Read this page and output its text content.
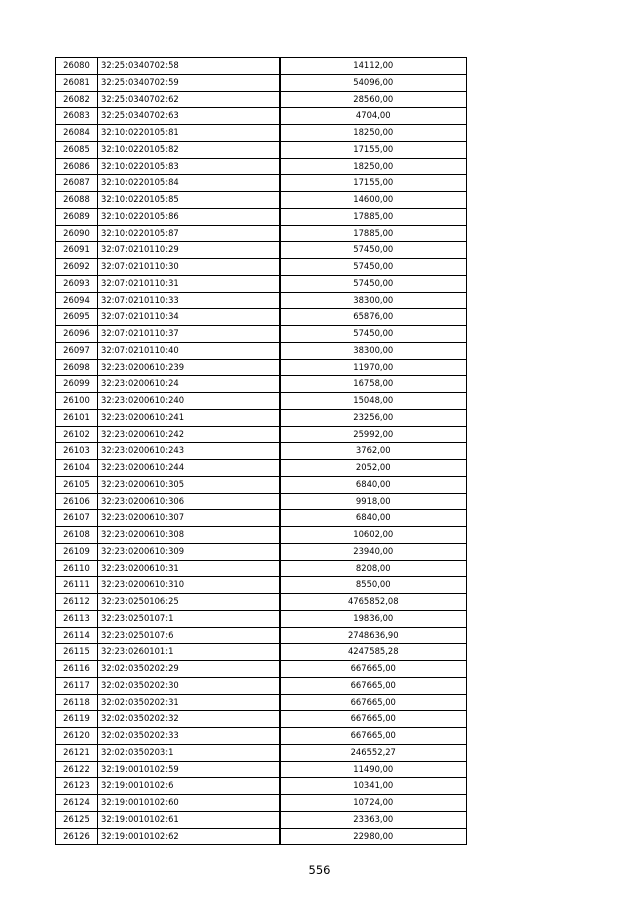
26080	32:25:0340702:58	14112,00
26081	32:25:0340702:59	54096,00
26082	32:25:0340702:62	28560,00
26083	32:25:0340702:63	4704,00
26084	32:10:0220105:81	18250,00
26085	32:10:0220105:82	17155,00
26086	32:10:0220105:83	18250,00
26087	32:10:0220105:84	17155,00
26088	32:10:0220105:85	14600,00
26089	32:10:0220105:86	17885,00
26090	32:10:0220105:87	17885,00
26091	32:07:0210110:29	57450,00
26092	32:07:0210110:30	57450,00
26093	32:07:0210110:31	57450,00
26094	32:07:0210110:33	38300,00
26095	32:07:0210110:34	65876,00
26096	32:07:0210110:37	57450,00
26097	32:07:0210110:40	38300,00
26098	32:23:0200610:239	11970,00
26099	32:23:0200610:24	16758,00
26100	32:23:0200610:240	15048,00
26101	32:23:0200610:241	23256,00
26102	32:23:0200610:242	25992,00
26103	32:23:0200610:243	3762,00
26104	32:23:0200610:244	2052,00
26105	32:23:0200610:305	6840,00
26106	32:23:0200610:306	9918,00
26107	32:23:0200610:307	6840,00
26108	32:23:0200610:308	10602,00
26109	32:23:0200610:309	23940,00
26110	32:23:0200610:31	8208,00
26111	32:23:0200610:310	8550,00
26112	32:23:0250106:25	4765852,08
26113	32:23:0250107:1	19836,00
26114	32:23:0250107:6	2748636,90
26115	32:23:0260101:1	4247585,28
26116	32:02:0350202:29	667665,00
26117	32:02:0350202:30	667665,00
26118	32:02:0350202:31	667665,00
26119	32:02:0350202:32	667665,00
26120	32:02:0350202:33	667665,00
26121	32:02:0350203:1	246552,27
26122	32:19:0010102:59	11490,00
26123	32:19:0010102:6	10341,00
26124	32:19:0010102:60	10724,00
26125	32:19:0010102:61	23363,00
26126	32:19:0010102:62	22980,00
556
